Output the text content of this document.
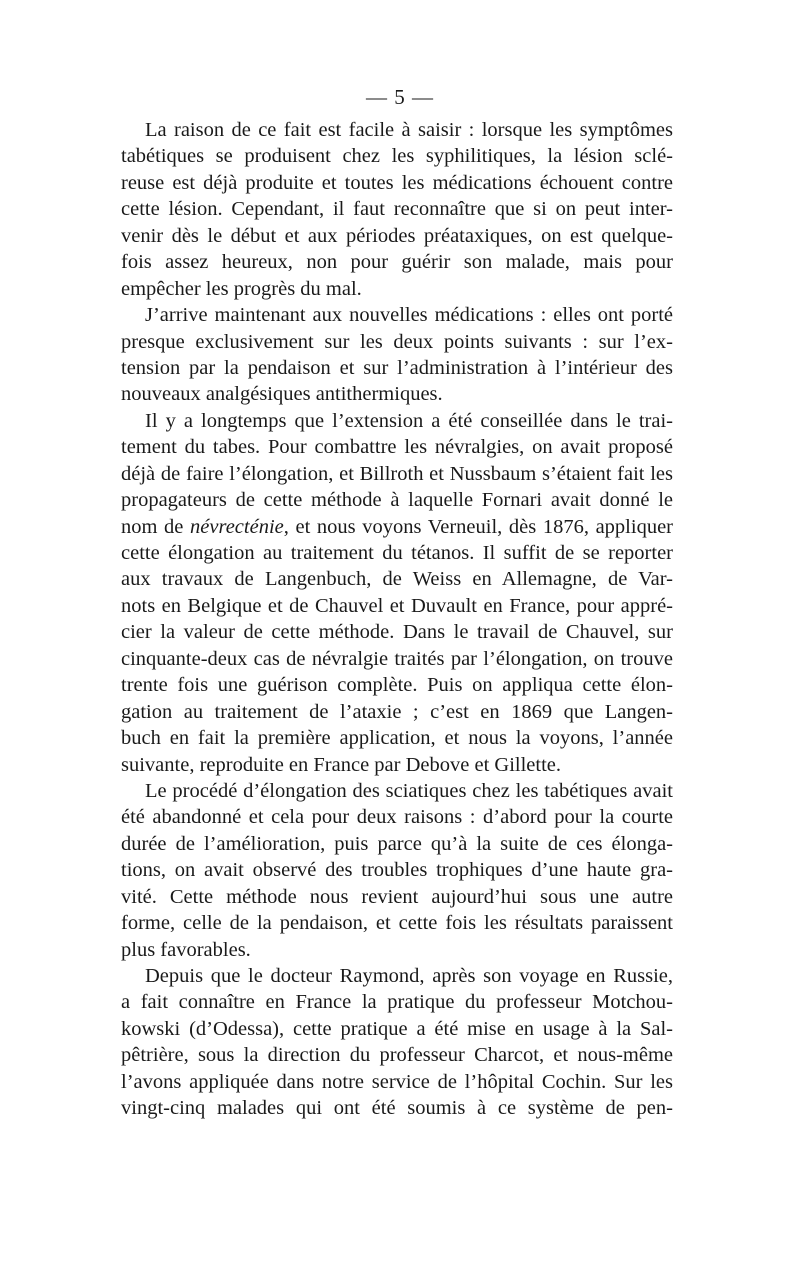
— 5 —
La raison de ce fait est facile à saisir : lorsque les symptômes
tabétiques se produisent chez les syphilitiques, la lésion sclé-
reuse est déjà produite et toutes les médications échouent contre
cette lésion. Cependant, il faut reconnaître que si on peut inter-
venir dès le début et aux périodes préataxiques, on est quelque-
fois assez heureux, non pour guérir son malade, mais pour
empêcher les progrès du mal.
J’arrive maintenant aux nouvelles médications : elles ont porté
presque exclusivement sur les deux points suivants : sur l’ex-
tension par la pendaison et sur l’administration à l’intérieur des
nouveaux analgésiques antithermiques.
Il y a longtemps que l’extension a été conseillée dans le trai-
tement du tabes. Pour combattre les névralgies, on avait proposé
déjà de faire l’élongation, et Billroth et Nussbaum s’étaient fait les
propagateurs de cette méthode à laquelle Fornari avait donné le
nom de névrecténie, et nous voyons Verneuil, dès 1876, appliquer
cette élongation au traitement du tétanos. Il suffit de se reporter
aux travaux de Langenbuch, de Weiss en Allemagne, de Var-
nots en Belgique et de Chauvel et Duvault en France, pour appré-
cier la valeur de cette méthode. Dans le travail de Chauvel, sur
cinquante-deux cas de névralgie traités par l’élongation, on trouve
trente fois une guérison complète. Puis on appliqua cette élon-
gation au traitement de l’ataxie ; c’est en 1869 que Langen-
buch en fait la première application, et nous la voyons, l’année
suivante, reproduite en France par Debove et Gillette.
Le procédé d’élongation des sciatiques chez les tabétiques avait
été abandonné et cela pour deux raisons : d’abord pour la courte
durée de l’amélioration, puis parce qu’à la suite de ces élonga-
tions, on avait observé des troubles trophiques d’une haute gra-
vité. Cette méthode nous revient aujourd’hui sous une autre
forme, celle de la pendaison, et cette fois les résultats paraissent
plus favorables.
Depuis que le docteur Raymond, après son voyage en Russie,
a fait connaître en France la pratique du professeur Motchou-
kowski (d’Odessa), cette pratique a été mise en usage à la Sal-
pêtrière, sous la direction du professeur Charcot, et nous-même
l’avons appliquée dans notre service de l’hôpital Cochin. Sur les
vingt-cinq malades qui ont été soumis à ce système de pen-
